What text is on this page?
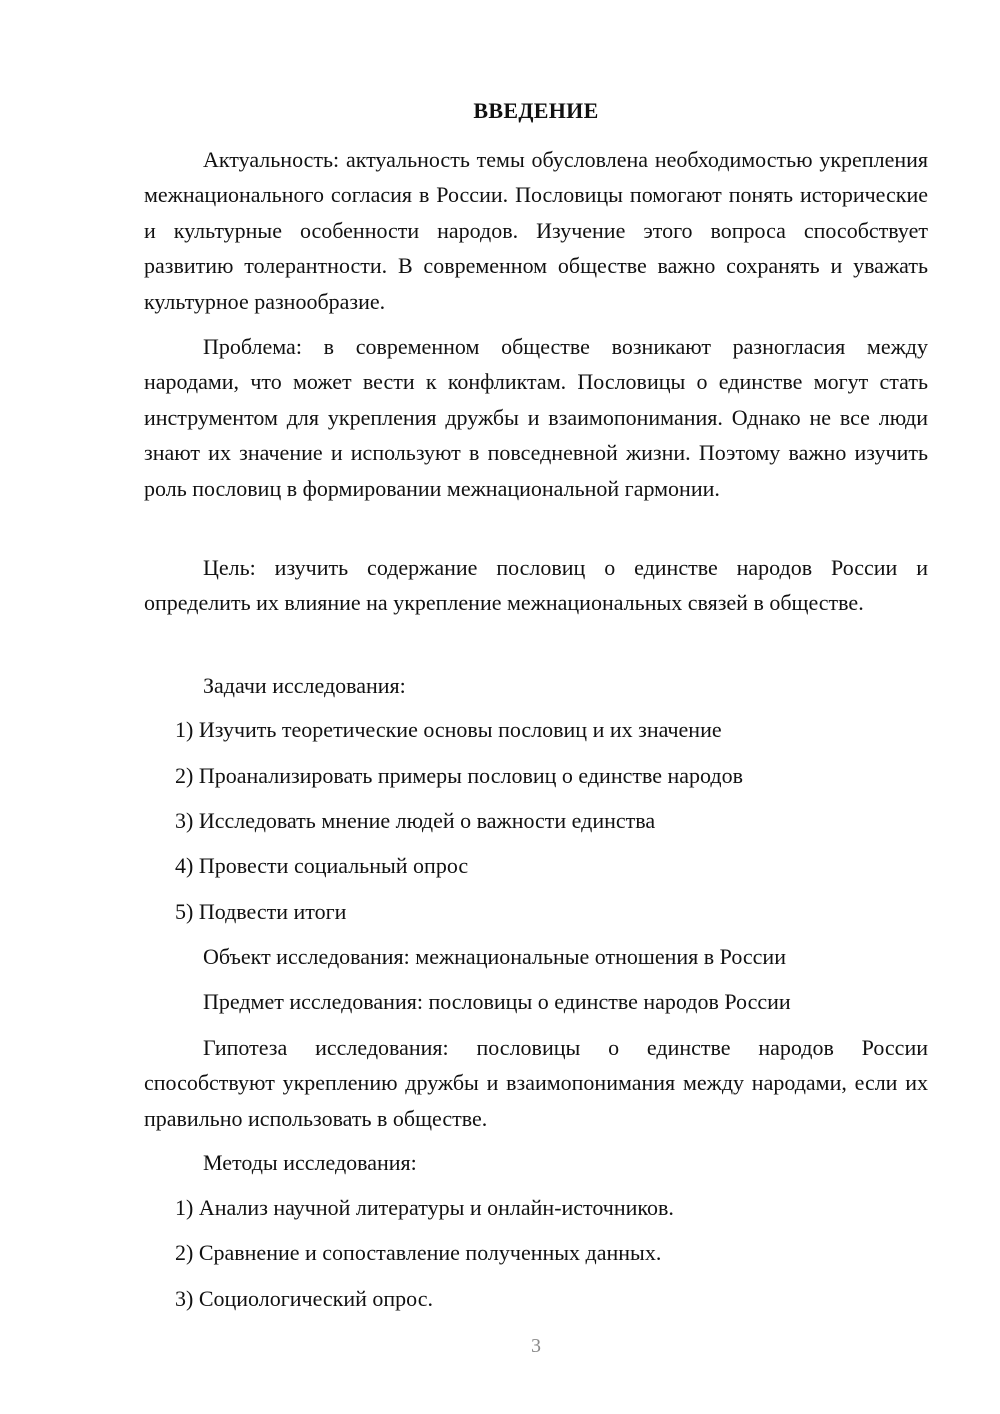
ВВЕДЕНИЕ

Актуальность: актуальность темы обусловлена необходимостью укрепления межнационального согласия в России. Пословицы помогают понять исторические и культурные особенности народов. Изучение этого вопроса способствует развитию толерантности. В современном обществе важно сохранять и уважать культурное разнообразие.

Проблема: в современном обществе возникают разногласия между народами, что может вести к конфликтам. Пословицы о единстве могут стать инструментом для укрепления дружбы и взаимопонимания. Однако не все люди знают их значение и используют в повседневной жизни. Поэтому важно изучить роль пословиц в формировании межнациональной гармонии.

Цель: изучить содержание пословиц о единстве народов России и определить их влияние на укрепление межнациональных связей в обществе.

Задачи исследования:

1) Изучить теоретические основы пословиц и их значение

2) Проанализировать примеры пословиц о единстве народов

3) Исследовать мнение людей о важности единства

4) Провести социальный опрос

5) Подвести итоги

Объект исследования: межнациональные отношения в России

Предмет исследования: пословицы о единстве народов России

Гипотеза исследования: пословицы о единстве народов России способствуют укреплению дружбы и взаимопонимания между народами, если их правильно использовать в обществе.

Методы исследования:

1) Анализ научной литературы и онлайн-источников.

2) Сравнение и сопоставление полученных данных.

3) Социологический опрос.

3
